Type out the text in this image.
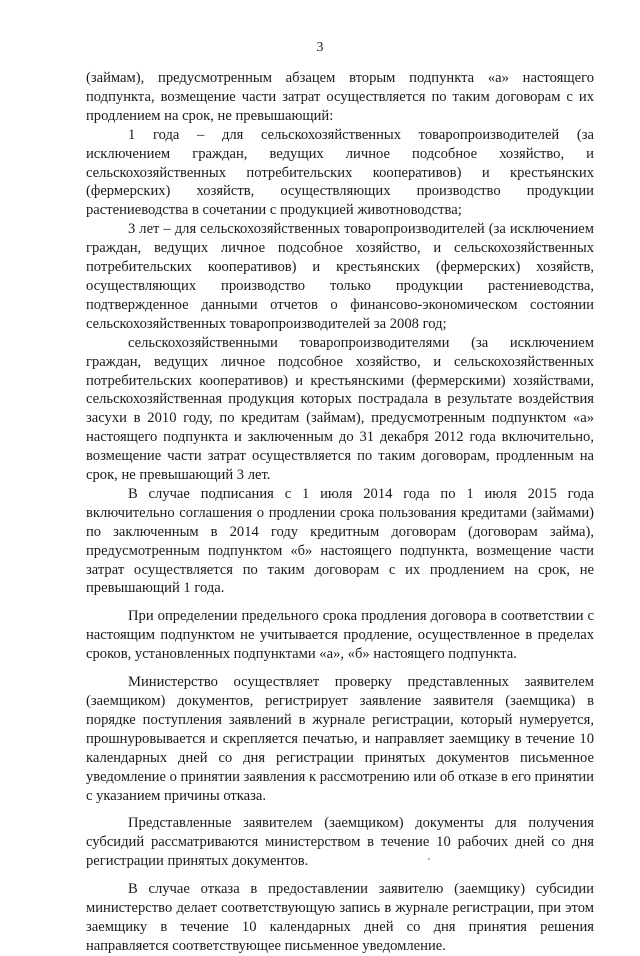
3

(займам), предусмотренным абзацем вторым подпункта «а» настоящего подпункта, возмещение части затрат осуществляется по таким договорам с их продлением на срок, не превышающий:

1 года – для сельскохозяйственных товаропроизводителей (за исключением граждан, ведущих личное подсобное хозяйство, и сельскохозяйственных потребительских кооперативов) и крестьянских (фермерских) хозяйств, осуществляющих производство продукции растениеводства в сочетании с продукцией животноводства;

3 лет – для сельскохозяйственных товаропроизводителей (за исключением граждан, ведущих личное подсобное хозяйство, и сельскохозяйственных потребительских кооперативов) и крестьянских (фермерских) хозяйств, осуществляющих производство только продукции растениеводства, подтвержденное данными отчетов о финансово-экономическом состоянии сельскохозяйственных товаропроизводителей за 2008 год;

сельскохозяйственными товаропроизводителями (за исключением граждан, ведущих личное подсобное хозяйство, и сельскохозяйственных потребительских кооперативов) и крестьянскими (фермерскими) хозяйствами, сельскохозяйственная продукция которых пострадала в результате воздействия засухи в 2010 году, по кредитам (займам), предусмотренным подпунктом «а» настоящего подпункта и заключенным до 31 декабря 2012 года включительно, возмещение части затрат осуществляется по таким договорам, продленным на срок, не превышающий 3 лет.

В случае подписания с 1 июля 2014 года по 1 июля 2015 года включительно соглашения о продлении срока пользования кредитами (займами) по заключенным в 2014 году кредитным договорам (договорам займа), предусмотренным подпунктом «б» настоящего подпункта, возмещение части затрат осуществляется по таким договорам с их продлением на срок, не превышающий 1 года.

При определении предельного срока продления договора в соответствии с настоящим подпунктом не учитывается продление, осуществленное в пределах сроков, установленных подпунктами «а», «б» настоящего подпункта.

Министерство осуществляет проверку представленных заявителем (заемщиком) документов, регистрирует заявление заявителя (заемщика) в порядке поступления заявлений в журнале регистрации, который нумеруется, прошнуровывается и скрепляется печатью, и направляет заемщику в течение 10 календарных дней со дня регистрации принятых документов письменное уведомление о принятии заявления к рассмотрению или об отказе в его принятии с указанием причины отказа.

Представленные заявителем (заемщиком) документы для получения субсидий рассматриваются министерством в течение 10 рабочих дней со дня регистрации принятых документов.

В случае отказа в предоставлении заявителю (заемщику) субсидии министерство делает соответствующую запись в журнале регистрации, при этом заемщику в течение 10 календарных дней со дня принятия решения направляется соответствующее письменное уведомление.
